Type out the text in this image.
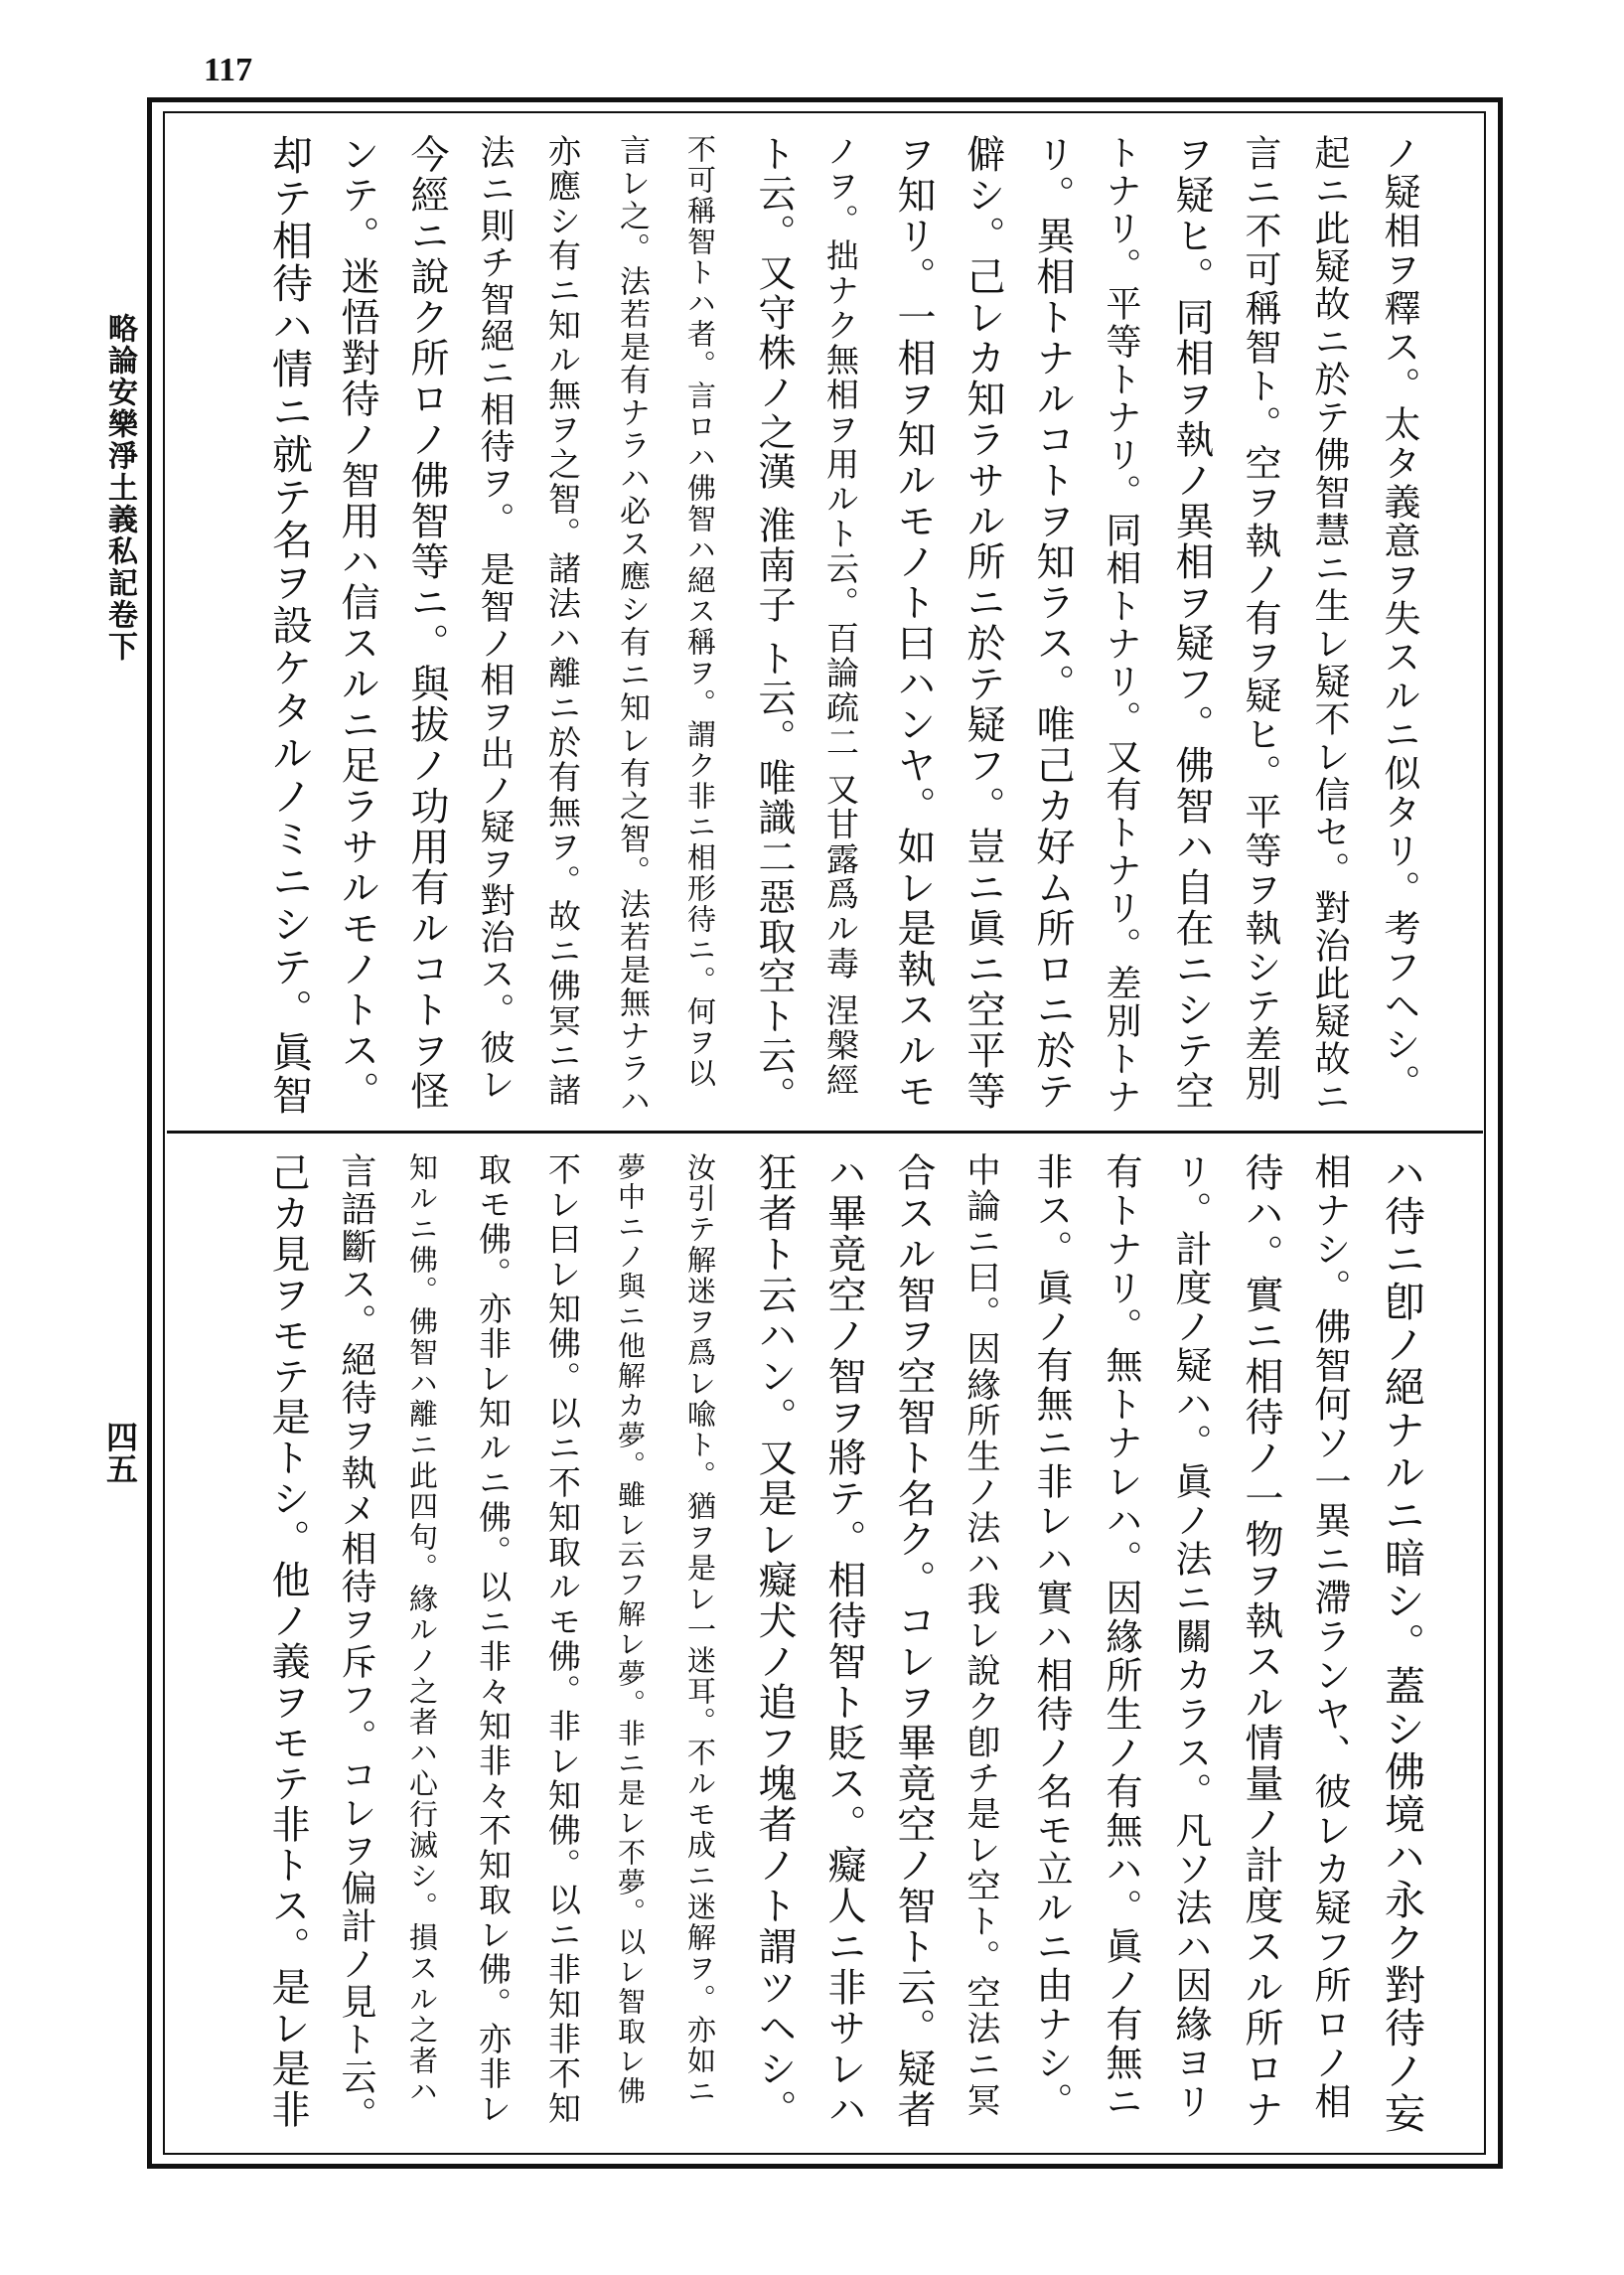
117
略論安樂淨土義私記卷下
四五
ノ疑相ヲ釋ス。太タ義意ヲ失スルニ似タリ。考フヘシ。
起ニ此疑故ニ於テ佛智慧ニ生レ疑不レ信セ。對治此疑故ニ
言ニ不可稱智ト。空ヲ執ノ有ヲ疑ヒ。平等ヲ執シテ差別
ヲ疑ヒ。同相ヲ執ノ異相ヲ疑フ。佛智ハ自在ニシテ空
トナリ。平等トナリ。同相トナリ。又有トナリ。差別トナ
リ。異相トナルコトヲ知ラス。唯己カ好ム所ロニ於テ
僻シ。己レカ知ラサル所ニ於テ疑フ。豈ニ眞ニ空平等
ヲ知リ。一相ヲ知ルモノト曰ハンヤ。如レ是執スルモ
ノヲ。拙ナク無相ヲ用ルト云。百論疏二 又甘露爲ル毒 涅槃經
ト云。又守株ノ之漢 淮南子 ト云。唯識二惡取空ト云。
不可稱智トハ者。言ロハ佛智ハ絕ス稱ヲ。謂ク非ニ相形待ニ。何ヲ以
言レ之。法若是有ナラハ必ス應シ有ニ知レ有之智。法若是無ナラハ
亦應シ有ニ知ル無ヲ之智。諸法ハ離ニ於有無ヲ。故ニ佛冥ニ諸
法ニ則チ智絕ニ相待ヲ。 是智ノ相ヲ出ノ疑ヲ對治ス。彼レ
今經ニ說ク所ロノ佛智等ニ。與拔ノ功用有ルコトヲ怪
ンテ。迷悟對待ノ智用ハ信スルニ足ラサルモノトス。
却テ相待ハ情ニ就テ名ヲ設ケタルノミニシテ。眞智
ハ待ニ卽ノ絕ナルニ暗シ。蓋シ佛境ハ永ク對待ノ妄
相ナシ。佛智何ソ一異ニ滯ランヤ、彼レカ疑フ所ロノ相
待ハ。實ニ相待ノ一物ヲ執スル情量ノ計度スル所ロナ
リ。計度ノ疑ハ。眞ノ法ニ關カラス。凡ソ法ハ因緣ヨリ
有トナリ。無トナレハ。因緣所生ノ有無ハ。眞ノ有無ニ
非ス。眞ノ有無ニ非レハ實ハ相待ノ名モ立ルニ由ナシ。
中論ニ曰。因緣所生ノ法ハ我レ說ク卽チ是レ空ト。空法ニ冥
合スル智ヲ空智ト名ク。コレヲ畢竟空ノ智ト云。疑者
ハ畢竟空ノ智ヲ將テ。相待智ト貶ス。癡人ニ非サレハ
狂者ト云ハン。又是レ癡犬ノ追フ塊者ノト謂ツヘシ。
汝引テ解迷ヲ爲レ喩ト。猶ヲ是レ一迷耳。不ルモ成ニ迷解ヲ。亦如ニ
夢中ニノ與ニ他解カ夢。雖レ云フ解レ夢。非ニ是レ不夢。以レ智取レ佛
不レ曰レ知佛。以ニ不知取ルモ佛。非レ知佛。以ニ非知非不知
取モ佛。亦非レ知ルニ佛。以ニ非々知非々不知取レ佛。亦非レ
知ルニ佛。佛智ハ離ニ此四句。緣ルノ之者ハ心行滅シ。損スル之者ハ
言語斷ス。絕待ヲ執メ相待ヲ斥フ。コレヲ偏計ノ見ト云。
己カ見ヲモテ是トシ。他ノ義ヲモテ非トス。是レ是非
